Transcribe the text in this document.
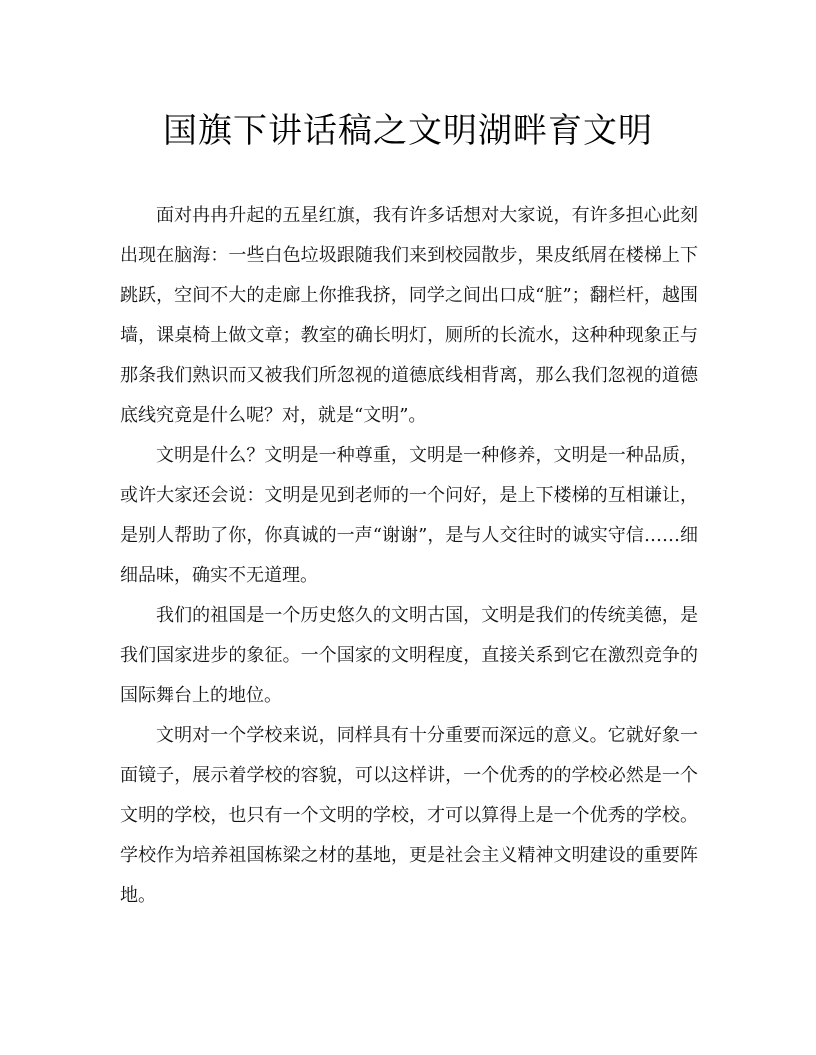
国旗下讲话稿之文明湖畔育文明

面对冉冉升起的五星红旗，我有许多话想对大家说，有许多担心此刻出现在脑海：一些白色垃圾跟随我们来到校园散步，果皮纸屑在楼梯上下跳跃，空间不大的走廊上你推我挤，同学之间出口成“脏”；翻栏杆，越围墙，课桌椅上做文章；教室的确长明灯，厕所的长流水，这种种现象正与那条我们熟识而又被我们所忽视的道德底线相背离，那么我们忽视的道德底线究竟是什么呢？对，就是“文明”。

文明是什么？文明是一种尊重，文明是一种修养，文明是一种品质，或许大家还会说：文明是见到老师的一个问好，是上下楼梯的互相谦让，是别人帮助了你，你真诚的一声“谢谢”，是与人交往时的诚实守信……细细品味，确实不无道理。

我们的祖国是一个历史悠久的文明古国，文明是我们的传统美德，是我们国家进步的象征。一个国家的文明程度，直接关系到它在激烈竞争的国际舞台上的地位。

文明对一个学校来说，同样具有十分重要而深远的意义。它就好象一面镜子，展示着学校的容貌，可以这样讲，一个优秀的的学校必然是一个文明的学校，也只有一个文明的学校，才可以算得上是一个优秀的学校。学校作为培养祖国栋梁之材的基地，更是社会主义精神文明建设的重要阵地。
